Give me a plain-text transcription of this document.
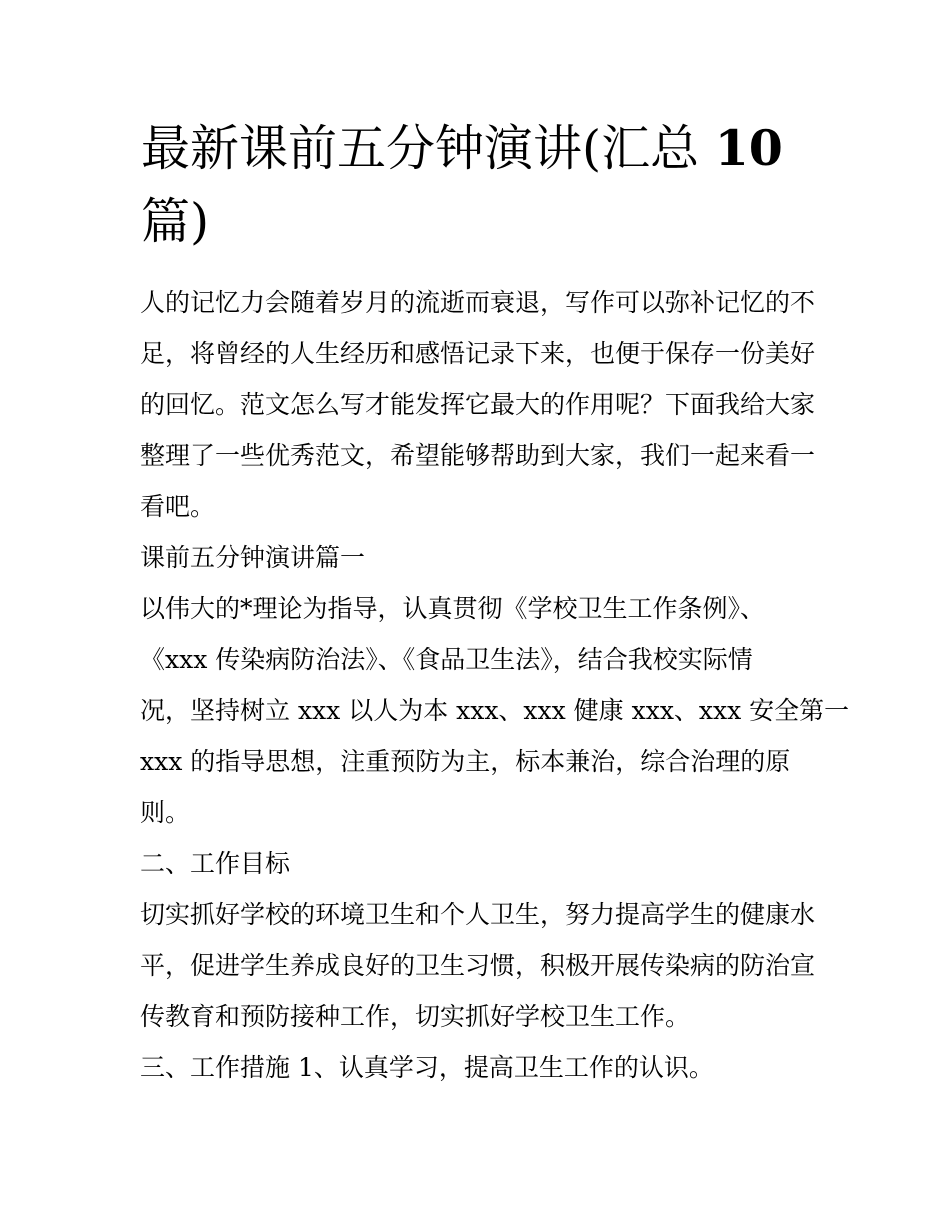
最新课前五分钟演讲(汇总 10
篇)
人的记忆力会随着岁月的流逝而衰退，写作可以弥补记忆的不
足，将曾经的人生经历和感悟记录下来，也便于保存一份美好
的回忆。范文怎么写才能发挥它最大的作用呢？下面我给大家
整理了一些优秀范文，希望能够帮助到大家，我们一起来看一
看吧。
课前五分钟演讲篇一
以伟大的*理论为指导，认真贯彻《学校卫生工作条例》、
《xxx 传染病防治法》、《食品卫生法》，结合我校实际情
况，坚持树立 xxx 以人为本 xxx、xxx 健康 xxx、xxx 安全第一
xxx 的指导思想，注重预防为主，标本兼治，综合治理的原
则。
二、工作目标
切实抓好学校的环境卫生和个人卫生，努力提高学生的健康水
平，促进学生养成良好的卫生习惯，积极开展传染病的防治宣
传教育和预防接种工作，切实抓好学校卫生工作。
三、工作措施 1、认真学习，提高卫生工作的认识。
